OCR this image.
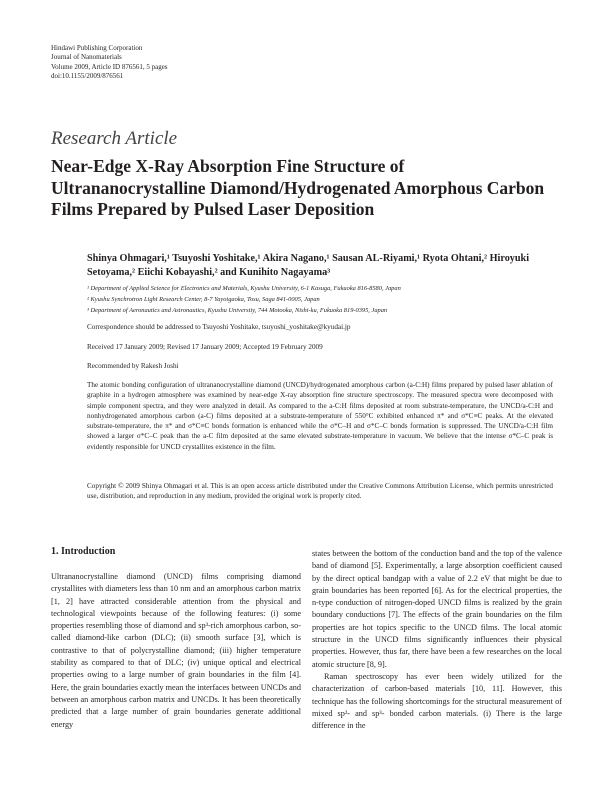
Hindawi Publishing Corporation
Journal of Nanomaterials
Volume 2009, Article ID 876561, 5 pages
doi:10.1155/2009/876561
Research Article
Near-Edge X-Ray Absorption Fine Structure of Ultrananocrystalline Diamond/Hydrogenated Amorphous Carbon Films Prepared by Pulsed Laser Deposition
Shinya Ohmagari,¹ Tsuyoshi Yoshitake,¹ Akira Nagano,¹ Sausan AL-Riyami,¹ Ryota Ohtani,² Hiroyuki Setoyama,² Eiichi Kobayashi,² and Kunihito Nagayama³
¹ Department of Applied Science for Electronics and Materials, Kyushu University, 6-1 Kasuga, Fukuoka 816-8580, Japan
² Kyushu Synchrotron Light Research Center, 8-7 Yayoigaoka, Tosu, Saga 841-0005, Japan
³ Department of Aeronautics and Astronautics, Kyushu University, 744 Motooka, Nishi-ku, Fukuoka 819-0395, Japan
Correspondence should be addressed to Tsuyoshi Yoshitake, tsuyoshi_yoshitake@kyudai.jp
Received 17 January 2009; Revised 17 January 2009; Accepted 19 February 2009
Recommended by Rakesh Joshi
The atomic bonding configuration of ultrananocrystalline diamond (UNCD)/hydrogenated amorphous carbon (a-C:H) films prepared by pulsed laser ablation of graphite in a hydrogen atmosphere was examined by near-edge X-ray absorption fine structure spectroscopy. The measured spectra were decomposed with simple component spectra, and they were analyzed in detail. As compared to the a-C:H films deposited at room substrate-temperature, the UNCD/a-C:H and nonhydrogenated amorphous carbon (a-C) films deposited at a substrate-temperature of 550°C exhibited enhanced π* and σ*C≡C peaks. At the elevated substrate-temperature, the π* and σ*C≡C bonds formation is enhanced while the σ*C–H and σ*C–C bonds formation is suppressed. The UNCD/a-C:H film showed a larger σ*C–C peak than the a-C film deposited at the same elevated substrate-temperature in vacuum. We believe that the intense σ*C–C peak is evidently responsible for UNCD crystallites existence in the film.
Copyright © 2009 Shinya Ohmagari et al. This is an open access article distributed under the Creative Commons Attribution License, which permits unrestricted use, distribution, and reproduction in any medium, provided the original work is properly cited.
1. Introduction

Ultrananocrystalline diamond (UNCD) films comprising diamond crystallites with diameters less than 10 nm and an amorphous carbon matrix [1, 2] have attracted considerable attention from the physical and technological viewpoints because of the following features: (i) some properties resembling those of diamond and sp³-rich amorphous carbon, so-called diamond-like carbon (DLC); (ii) smooth surface [3], which is contrastive to that of polycrystalline diamond; (iii) higher temperature stability as compared to that of DLC; (iv) unique optical and electrical properties owing to a large number of grain boundaries in the film [4]. Here, the grain boundaries exactly mean the interfaces between UNCDs and between an amorphous carbon matrix and UNCDs. It has been theoretically predicted that a large number of grain boundaries generate additional energy

states between the bottom of the conduction band and the top of the valence band of diamond [5]. Experimentally, a large absorption coefficient caused by the direct optical bandgap with a value of 2.2 eV that might be due to grain boundaries has been reported [6]. As for the electrical properties, the n-type conduction of nitrogen-doped UNCD films is realized by the grain boundary conductions [7]. The effects of the grain boundaries on the film properties are hot topics specific to the UNCD films. The local atomic structure in the UNCD films significantly influences their physical properties. However, thus far, there have been a few researches on the local atomic structure [8, 9].

Raman spectroscopy has ever been widely utilized for the characterization of carbon-based materials [10, 11]. However, this technique has the following shortcomings for the structural measurement of mixed sp²- and sp³- bonded carbon materials. (i) There is the large difference in the
